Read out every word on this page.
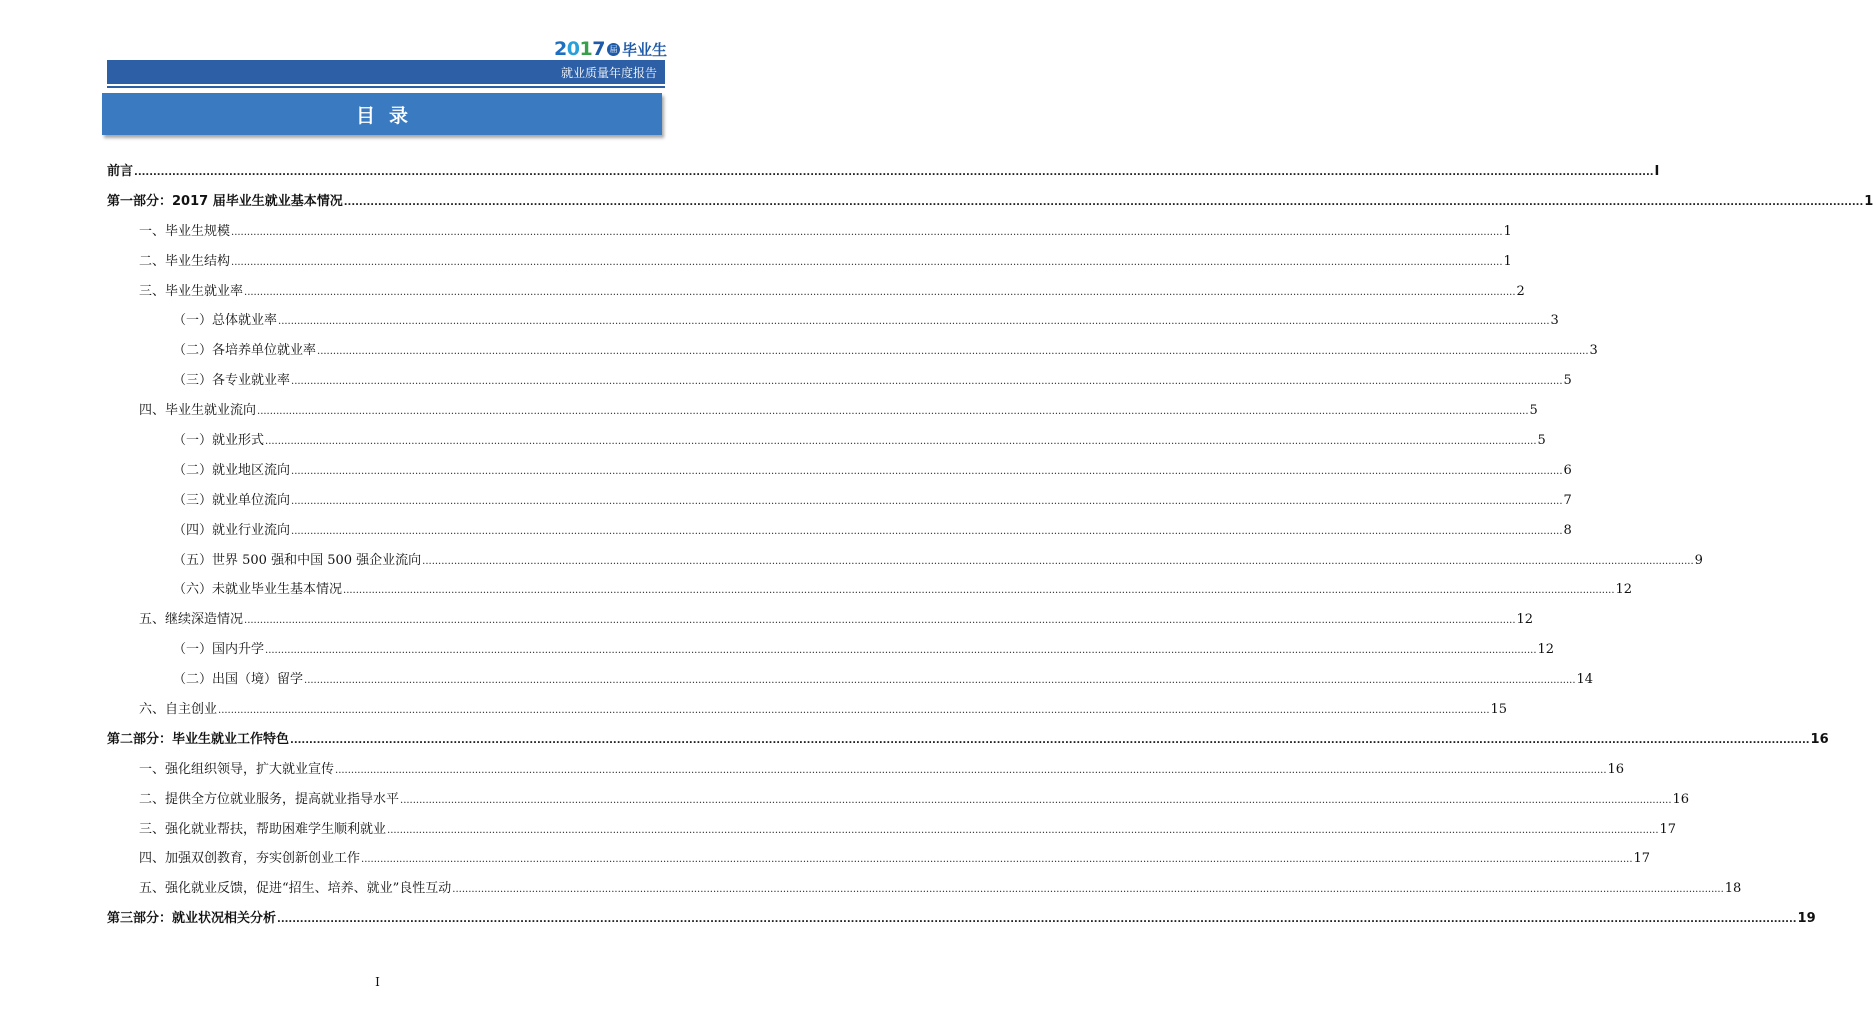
2017 届 毕业生
就业质量年度报告
目录
前言 ................................................................................................................................................................................................................................................................................................................................................................................................................ I
第一部分：2017 届毕业生就业基本情况 ................................................................................................................................................................................................................................................................................................................................................................................................................ 1
一、毕业生规模 ................................................................................................................................................................................................................................................................................................................................................................................................................ 1
二、毕业生结构 ................................................................................................................................................................................................................................................................................................................................................................................................................ 1
三、毕业生就业率 ................................................................................................................................................................................................................................................................................................................................................................................................................ 2
（一）总体就业率 ................................................................................................................................................................................................................................................................................................................................................................................................................ 3
（二）各培养单位就业率 ................................................................................................................................................................................................................................................................................................................................................................................................................ 3
（三）各专业就业率 ................................................................................................................................................................................................................................................................................................................................................................................................................ 5
四、毕业生就业流向 ................................................................................................................................................................................................................................................................................................................................................................................................................ 5
（一）就业形式 ................................................................................................................................................................................................................................................................................................................................................................................................................ 5
（二）就业地区流向 ................................................................................................................................................................................................................................................................................................................................................................................................................ 6
（三）就业单位流向 ................................................................................................................................................................................................................................................................................................................................................................................................................ 7
（四）就业行业流向 ................................................................................................................................................................................................................................................................................................................................................................................................................ 8
（五）世界 500 强和中国 500 强企业流向 ................................................................................................................................................................................................................................................................................................................................................................................................................ 9
（六）未就业毕业生基本情况 ................................................................................................................................................................................................................................................................................................................................................................................................................ 12
五、继续深造情况 ................................................................................................................................................................................................................................................................................................................................................................................................................ 12
（一）国内升学 ................................................................................................................................................................................................................................................................................................................................................................................................................ 12
（二）出国（境）留学 ................................................................................................................................................................................................................................................................................................................................................................................................................ 14
六、自主创业 ................................................................................................................................................................................................................................................................................................................................................................................................................ 15
第二部分：毕业生就业工作特色 ................................................................................................................................................................................................................................................................................................................................................................................................................ 16
一、强化组织领导，扩大就业宣传 ................................................................................................................................................................................................................................................................................................................................................................................................................ 16
二、提供全方位就业服务，提高就业指导水平 ................................................................................................................................................................................................................................................................................................................................................................................................................ 16
三、强化就业帮扶，帮助困难学生顺利就业 ................................................................................................................................................................................................................................................................................................................................................................................................................ 17
四、加强双创教育，夯实创新创业工作 ................................................................................................................................................................................................................................................................................................................................................................................................................ 17
五、强化就业反馈，促进“招生、培养、就业”良性互动 ................................................................................................................................................................................................................................................................................................................................................................................................................ 18
第三部分：就业状况相关分析 ................................................................................................................................................................................................................................................................................................................................................................................................................ 19
I
